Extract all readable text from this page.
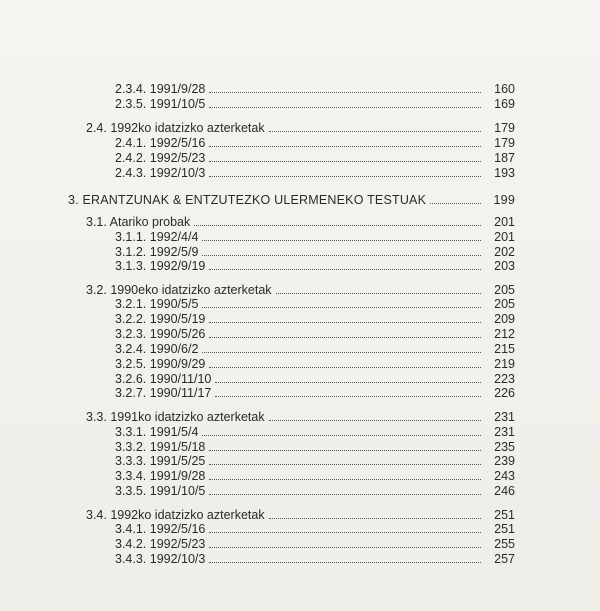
2.3.4. 1991/9/28	160
2.3.5. 1991/10/5	169
2.4. 1992ko idatzizko azterketak	179
2.4.1. 1992/5/16	179
2.4.2. 1992/5/23	187
2.4.3. 1992/10/3	193
3. ERANTZUNAK & ENTZUTEZKO ULERMENEKO TESTUAK	199
3.1. Atariko probak	201
3.1.1. 1992/4/4	201
3.1.2. 1992/5/9	202
3.1.3. 1992/9/19	203
3.2. 1990eko idatzizko azterketak	205
3.2.1. 1990/5/5	205
3.2.2. 1990/5/19	209
3.2.3. 1990/5/26	212
3.2.4. 1990/6/2	215
3.2.5. 1990/9/29	219
3.2.6. 1990/11/10	223
3.2.7. 1990/11/17	226
3.3. 1991ko idatzizko azterketak	231
3.3.1. 1991/5/4	231
3.3.2. 1991/5/18	235
3.3.3. 1991/5/25	239
3.3.4. 1991/9/28	243
3.3.5. 1991/10/5	246
3.4. 1992ko idatzizko azterketak	251
3.4.1. 1992/5/16	251
3.4.2. 1992/5/23	255
3.4.3. 1992/10/3	257
